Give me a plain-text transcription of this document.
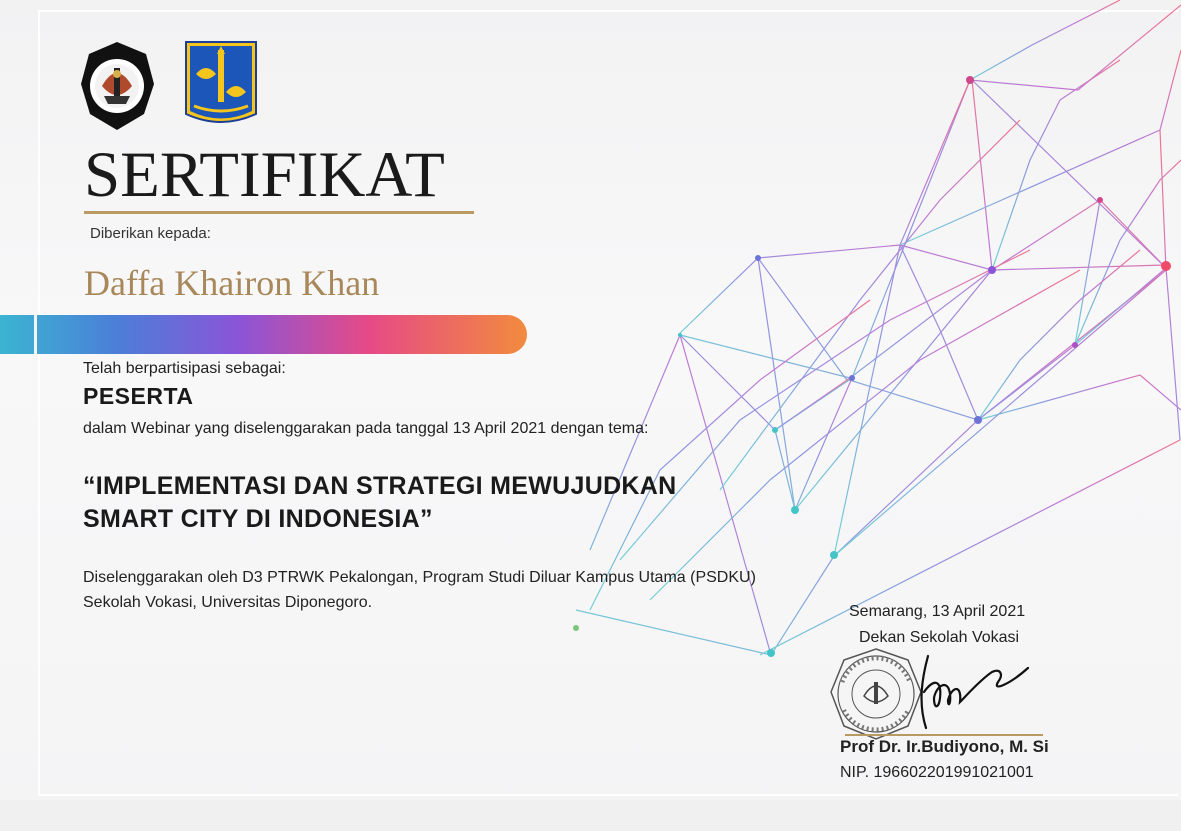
SERTIFIKAT
Diberikan kepada:
Daffa Khairon Khan
Telah berpartisipasi sebagai:
PESERTA
dalam Webinar yang diselenggarakan pada tanggal 13 April 2021 dengan tema:
“IMPLEMENTASI DAN STRATEGI MEWUJUDKAN
SMART CITY DI INDONESIA”
Diselenggarakan oleh D3 PTRWK Pekalongan, Program Studi Diluar Kampus Utama (PSDKU)
Sekolah Vokasi, Universitas Diponegoro.
Semarang, 13 April 2021
Dekan Sekolah Vokasi
Prof Dr. Ir.Budiyono, M. Si
NIP. 196602201991021001
